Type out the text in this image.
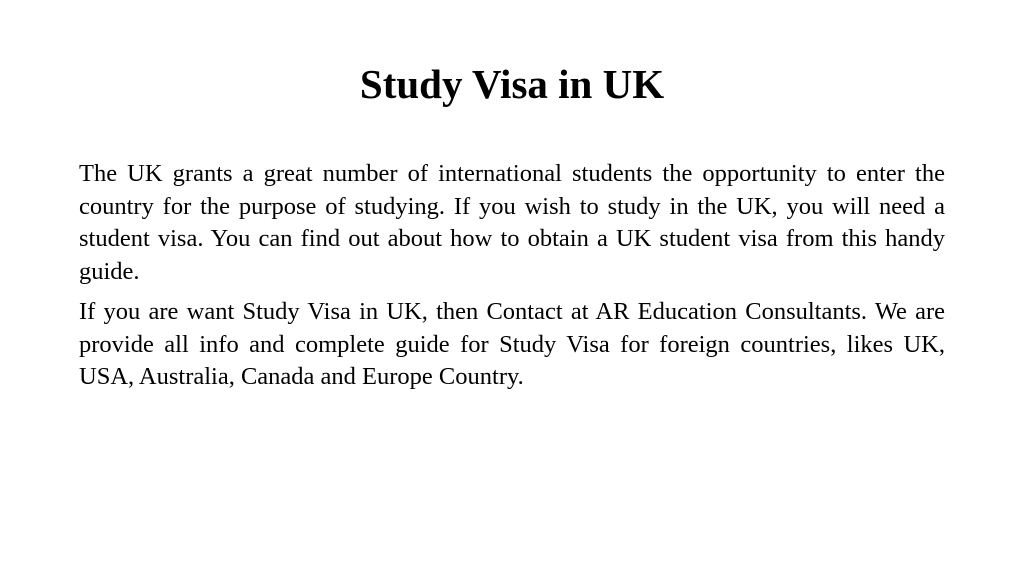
Study Visa in UK

The UK grants a great number of international students the opportunity to enter the country for the purpose of studying. If you wish to study in the UK, you will need a student visa. You can find out about how to obtain a UK student visa from this handy guide.

If you are want Study Visa in UK, then Contact at AR Education Consultants. We are provide all info and complete guide for Study Visa for foreign countries, likes UK, USA, Australia, Canada and Europe Country.
